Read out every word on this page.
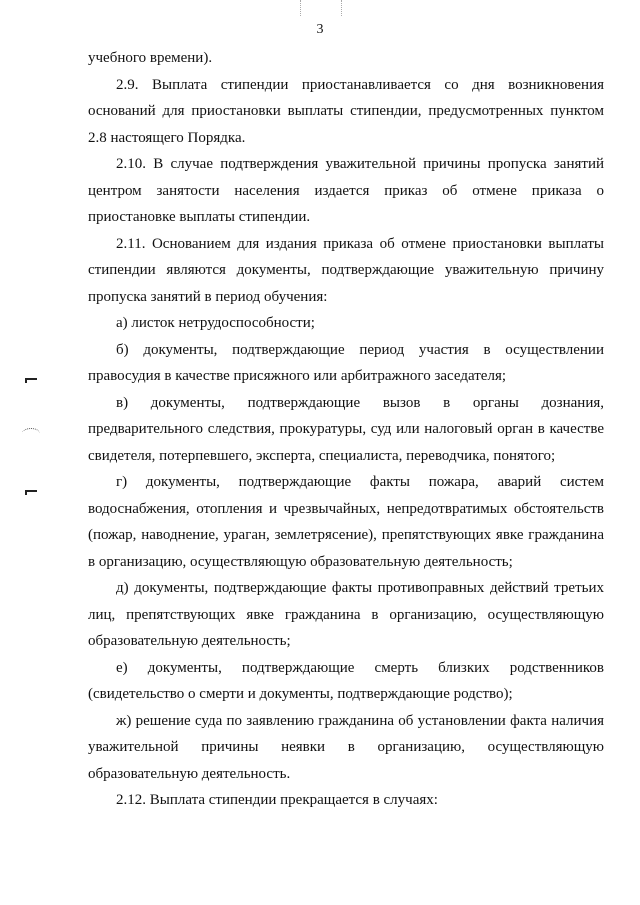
3

учебного времени).

2.9. Выплата стипендии приостанавливается со дня возникновения оснований для приостановки выплаты стипендии, предусмотренных пунктом 2.8 настоящего Порядка.

2.10. В случае подтверждения уважительной причины пропуска занятий центром занятости населения издается приказ об отмене приказа о приостановке выплаты стипендии.

2.11. Основанием для издания приказа об отмене приостановки выплаты стипендии являются документы, подтверждающие уважительную причину пропуска занятий в период обучения:

а) листок нетрудоспособности;

б) документы, подтверждающие период участия в осуществлении правосудия в качестве присяжного или арбитражного заседателя;

в) документы, подтверждающие вызов в органы дознания, предварительного следствия, прокуратуры, суд или налоговый орган в качестве свидетеля, потерпевшего, эксперта, специалиста, переводчика, понятого;

г) документы, подтверждающие факты пожара, аварий систем водоснабжения, отопления и чрезвычайных, непредотвратимых обстоятельств (пожар, наводнение, ураган, землетрясение), препятствующих явке гражданина в организацию, осуществляющую образовательную деятельность;

д) документы, подтверждающие факты противоправных действий третьих лиц, препятствующих явке гражданина в организацию, осуществляющую образовательную деятельность;

е) документы, подтверждающие смерть близких родственников (свидетельство о смерти и документы, подтверждающие родство);

ж) решение суда по заявлению гражданина об установлении факта наличия уважительной причины неявки в организацию, осуществляющую образовательную деятельность.

2.12. Выплата стипендии прекращается в случаях:
